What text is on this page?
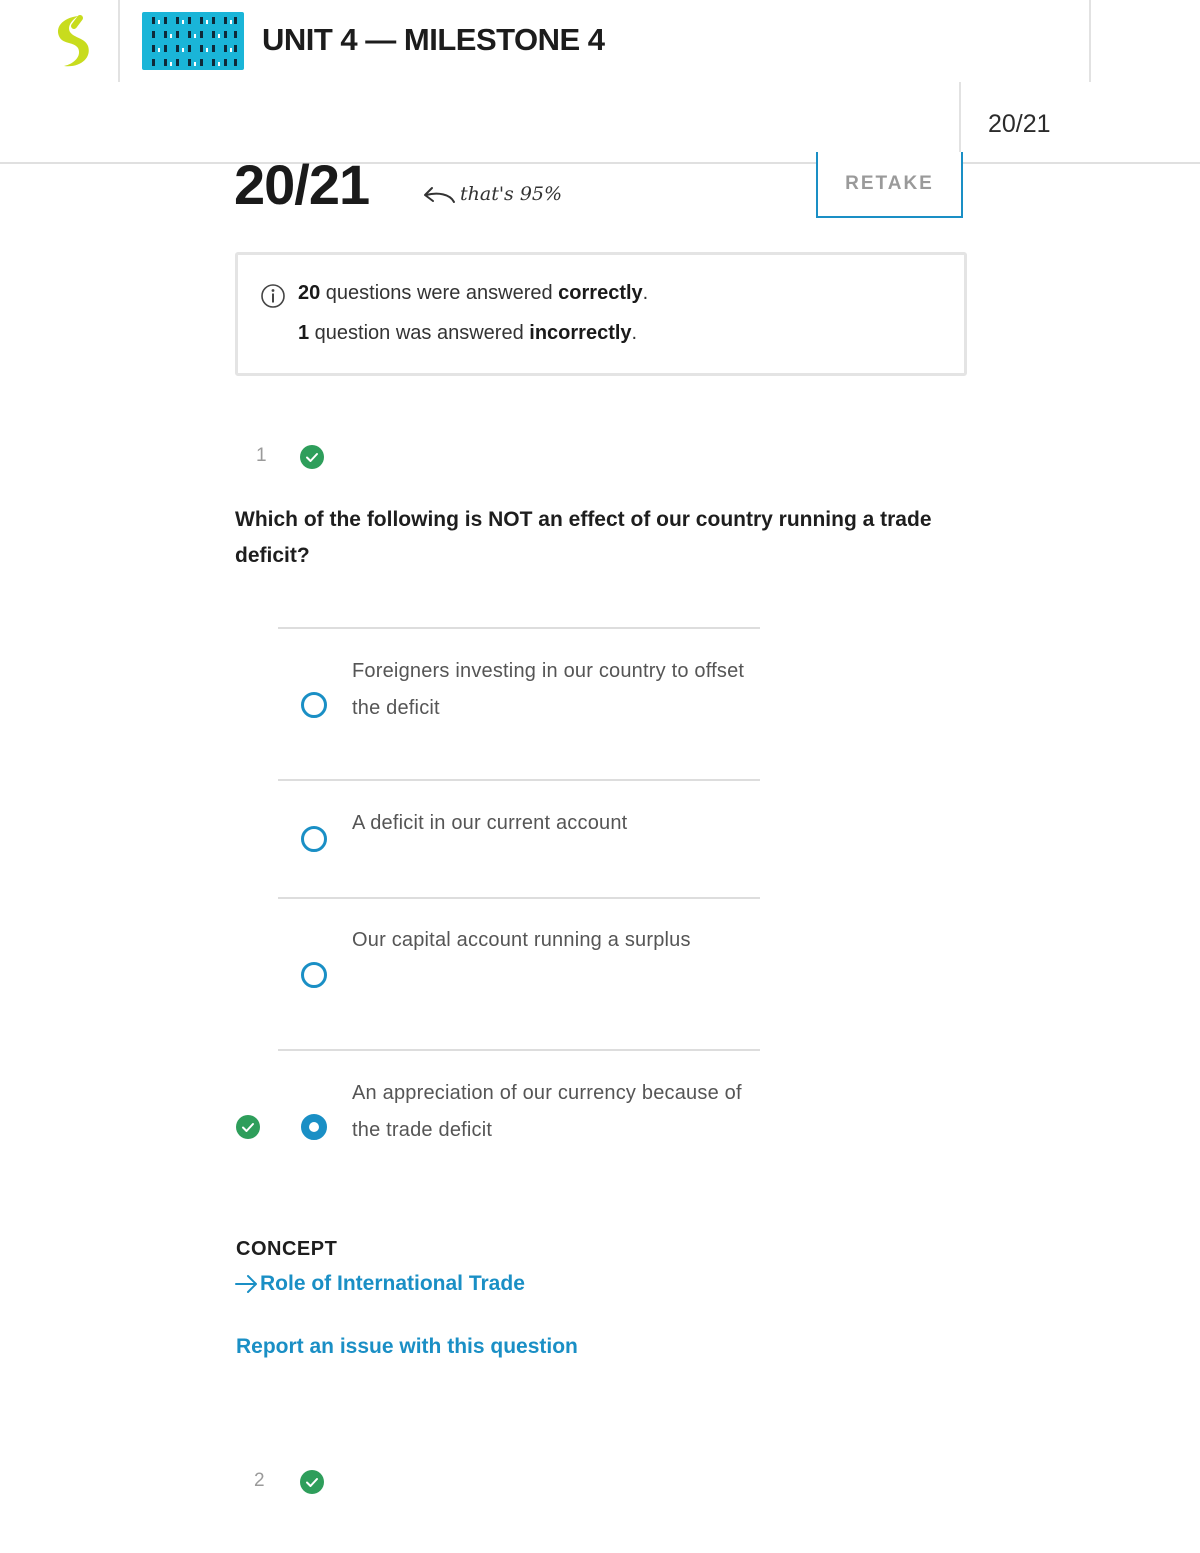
UNIT 4 — MILESTONE 4
20/21
20/21	that's 95%	RETAKE
20 questions were answered correctly.
1 question was answered incorrectly.
1
Which of the following is NOT an effect of our country running a trade deficit?
Foreigners investing in our country to offset the deficit
A deficit in our current account
Our capital account running a surplus
An appreciation of our currency because of the trade deficit
CONCEPT
Role of International Trade
Report an issue with this question
2
